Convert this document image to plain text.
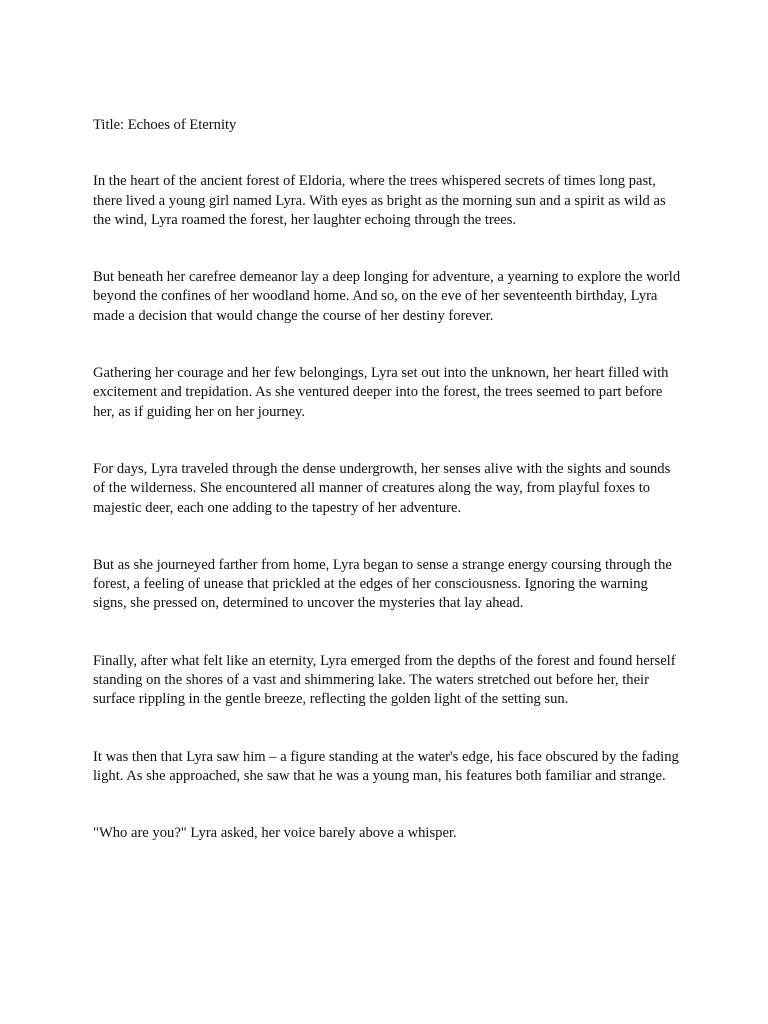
Title: Echoes of Eternity

In the heart of the ancient forest of Eldoria, where the trees whispered secrets of times long past, there lived a young girl named Lyra. With eyes as bright as the morning sun and a spirit as wild as the wind, Lyra roamed the forest, her laughter echoing through the trees.

But beneath her carefree demeanor lay a deep longing for adventure, a yearning to explore the world beyond the confines of her woodland home. And so, on the eve of her seventeenth birthday, Lyra made a decision that would change the course of her destiny forever.

Gathering her courage and her few belongings, Lyra set out into the unknown, her heart filled with excitement and trepidation. As she ventured deeper into the forest, the trees seemed to part before her, as if guiding her on her journey.

For days, Lyra traveled through the dense undergrowth, her senses alive with the sights and sounds of the wilderness. She encountered all manner of creatures along the way, from playful foxes to majestic deer, each one adding to the tapestry of her adventure.

But as she journeyed farther from home, Lyra began to sense a strange energy coursing through the forest, a feeling of unease that prickled at the edges of her consciousness. Ignoring the warning signs, she pressed on, determined to uncover the mysteries that lay ahead.

Finally, after what felt like an eternity, Lyra emerged from the depths of the forest and found herself standing on the shores of a vast and shimmering lake. The waters stretched out before her, their surface rippling in the gentle breeze, reflecting the golden light of the setting sun.

It was then that Lyra saw him – a figure standing at the water's edge, his face obscured by the fading light. As she approached, she saw that he was a young man, his features both familiar and strange.

"Who are you?" Lyra asked, her voice barely above a whisper.
